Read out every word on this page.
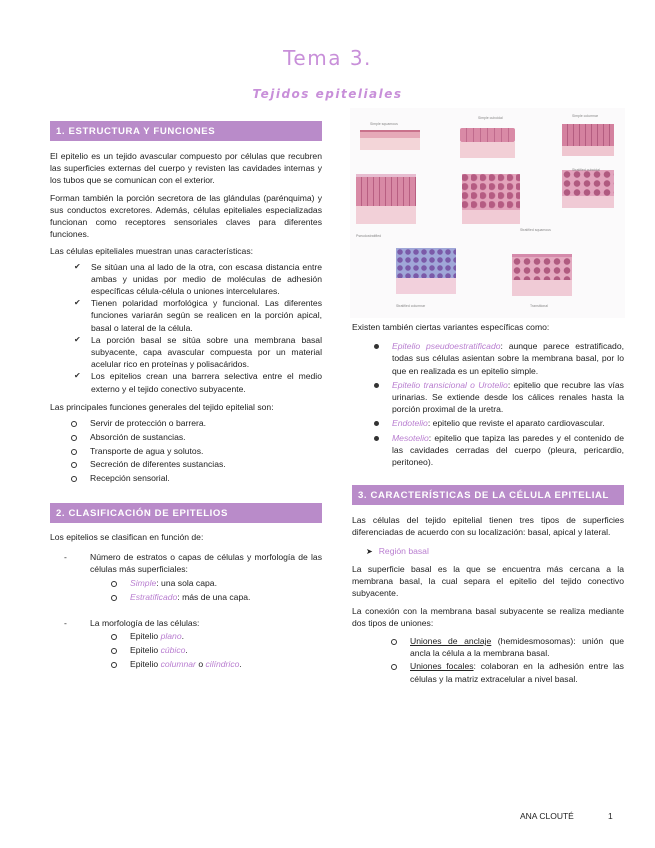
Tema 3.
Tejidos epiteliales
1. ESTRUCTURA Y FUNCIONES

El epitelio es un tejido avascular compuesto por células que recubren las superficies externas del cuerpo y revisten las cavidades internas y los tubos que se comunican con el exterior.

Forman también la porción secretora de las glándulas (parénquima) y sus conductos excretores. Además, células epiteliales especializadas funcionan como receptores sensoriales claves para diferentes funciones.

Las células epiteliales muestran unas características:

✔ Se sitúan una al lado de la otra, con escasa distancia entre ambas y unidas por medio de moléculas de adhesión específicas célula-célula o uniones intercelulares.
✔ Tienen polaridad morfológica y funcional. Las diferentes funciones variarán según se realicen en la porción apical, basal o lateral de la célula.
✔ La porción basal se sitúa sobre una membrana basal subyacente, capa avascular compuesta por un material acelular rico en proteínas y polisacáridos.
✔ Los epitelios crean una barrera selectiva entre el medio externo y el tejido conectivo subyacente.

Las principales funciones generales del tejido epitelial son:

Servir de protección o barrera.
Absorción de sustancias.
Transporte de agua y solutos.
Secreción de diferentes sustancias.
Recepción sensorial.
2. CLASIFICACIÓN DE EPITELIOS

Los epitelios se clasifican en función de:

-	Número de estratos o capas de células y morfología de las células más superficiales:

Simple: una sola capa.
Estratificado: más de una capa.
-	La morfología de las células:

Epitelio plano.
Epitelio cúbico.
Epitelio columnar o cilíndrico.
Simple squamous
Simple cuboidal	Simple columnar
Pseudostratified
Stratified squamous
Stratified cuboidal
Stratified columnar	Transitional

Existen también ciertas variantes específicas como:

Epitelio pseudoestratificado: aunque parece estratificado, todas sus células asientan sobre la membrana basal, por lo que en realizada es un epitelio simple.
Epitelio transicional o Urotelio: epitelio que recubre las vías urinarias. Se extiende desde los cálices renales hasta la porción proximal de la uretra.
Endotelio: epitelio que reviste el aparato cardiovascular.
Mesotelio: epitelio que tapiza las paredes y el contenido de las cavidades cerradas del cuerpo (pleura, pericardio, peritoneo).
3. CARACTERÍSTICAS DE LA CÉLULA EPITELIAL

Las células del tejido epitelial tienen tres tipos de superficies diferenciadas de acuerdo con su localización: basal, apical y lateral.

➤ Región basal

La superficie basal es la que se encuentra más cercana a la membrana basal, la cual separa el epitelio del tejido conectivo subyacente.

La conexión con la membrana basal subyacente se realiza mediante dos tipos de uniones:

Uniones de anclaje (hemidesmosomas): unión que ancla la célula a la membrana basal.
Uniones focales: colaboran en la adhesión entre las células y la matriz extracelular a nivel basal.
ANA CLOUTÉ	1
